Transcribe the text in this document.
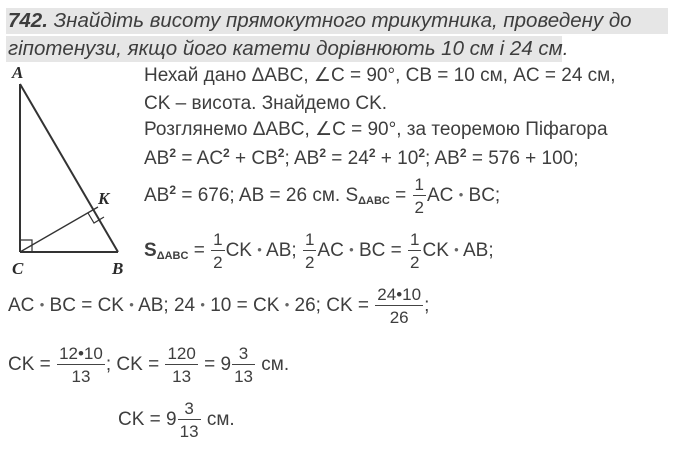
742. Знайдіть висоту прямокутного трикутника, проведену до
гіпотенузи, якщо його катети дорівнюють 10 см і 24 см.
A
C	B
K
Нехай дано ΔABC, ∠C = 90°, CB = 10 см, AC = 24 см,
CK – висота. Знайдемо CK.
Розглянемо ΔABC, ∠C = 90°, за теоремою Піфагора
$AB^2 = AC^2 + CB^2$; $AB^2 = 24^2 + 10^2$; $AB^2 = 576 + 100$;
$AB^2 = 676$; AB = 26 см. $S_{\Delta ABC} = \frac{1}{2}$ AC • BC;
$S_{\Delta ABC} = \frac{1}{2}$ CK • AB; $\frac{1}{2}$ AC • BC = $\frac{1}{2}$ CK • AB;
AC • BC = CK • AB; 24 • 10 = CK • 26; CK = $\frac{24•10}{26}$ ;
CK = $\frac{12•10}{13}$ ; CK = $\frac{120}{13} = 9 \frac{3}{13}$ см.
CK = $9 \frac{3}{13}$ см.
